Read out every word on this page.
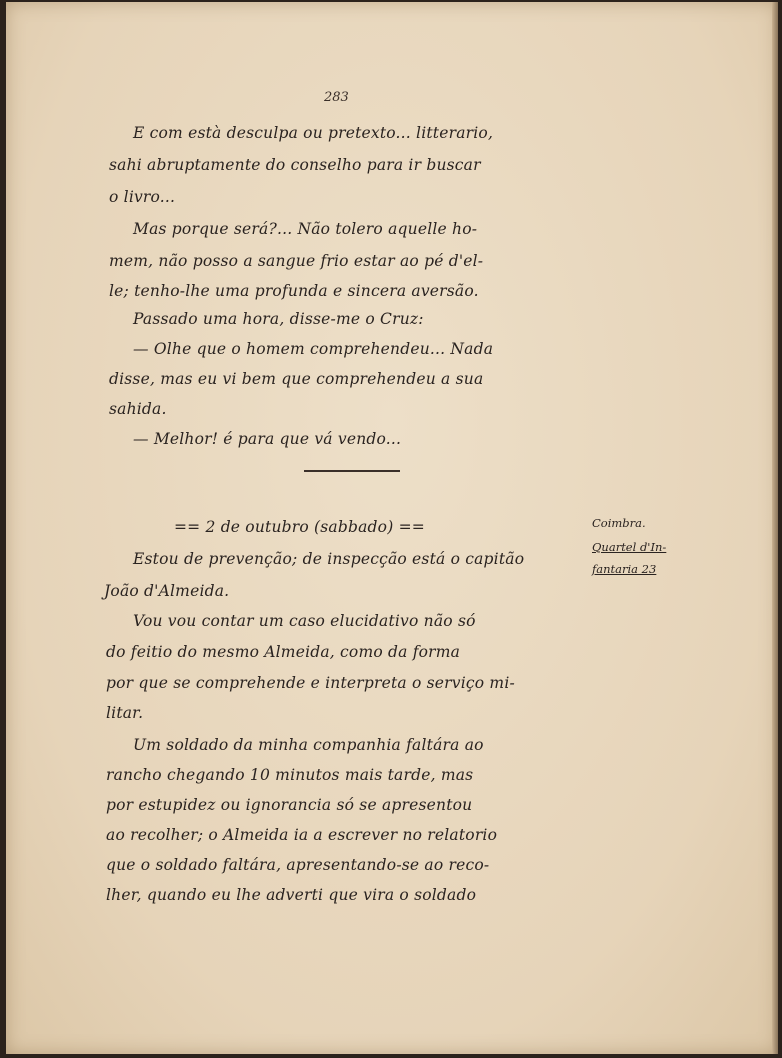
283
E com està desculpa ou pretexto... litterario,
sahi abruptamente do conselho para ir buscar
o livro...
Mas porque será?... Não tolero aquelle ho-
mem, não posso a sangue frio estar ao pé d'el-
le; tenho-lhe uma profunda e sincera aversão.
Passado uma hora, disse-me o Cruz:
— Olhe que o homem comprehendeu... Nada
disse, mas eu vi bem que comprehendeu a sua
sahida.
— Melhor! é para que vá vendo...
== 2 de outubro (sabbado) ==
Estou de prevenção; de inspecção está o capitão
João d'Almeida.
Vou vou contar um caso elucidativo não só
do feitio do mesmo Almeida, como da forma
por que se comprehende e interpreta o serviço mi-
litar.
Um soldado da minha companhia faltára ao
rancho chegando 10 minutos mais tarde, mas
por estupidez ou ignorancia só se apresentou
ao recolher; o Almeida ia a escrever no relatorio
que o soldado faltára, apresentando-se ao reco-
lher, quando eu lhe adverti que vira o soldado
Coimbra.
Quartel d'In-
fantaria 23
